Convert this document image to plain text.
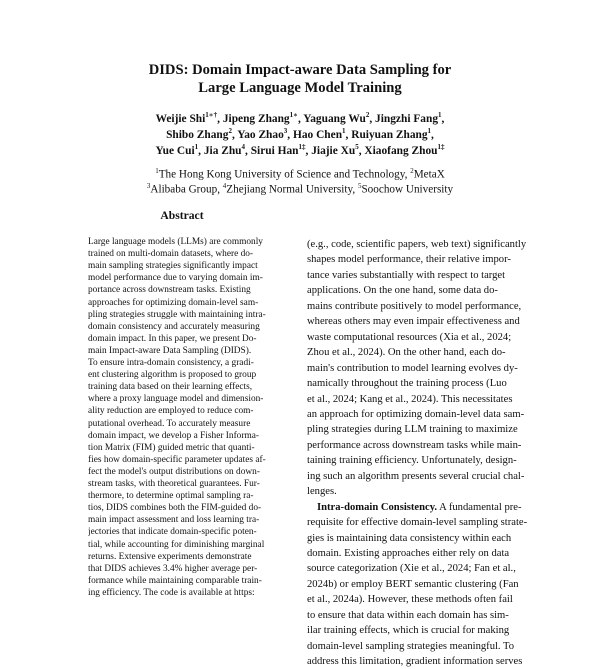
DIDS: Domain Impact-aware Data Sampling for
Large Language Model Training
Weijie Shi$^{1∗\dagger}$, Jipeng Zhang$^{1∗}$, Yaguang Wu$^2$, Jingzhi Fang$^1$,
Shibo Zhang$^2$, Yao Zhao$^3$, Hao Chen$^1$, Ruiyuan Zhang$^1$,
Yue Cui$^1$, Jia Zhu$^4$, Sirui Han$^{1\ddagger}$, Jiajie Xu$^5$, Xiaofang Zhou$^{1\ddagger}$
$^1$The Hong Kong University of Science and Technology, $^2$MetaX
$^3$Alibaba Group, $^4$Zhejiang Normal University, $^5$Soochow University
Abstract
Large language models (LLMs) are commonly
trained on multi-domain datasets, where do-
main sampling strategies significantly impact
model performance due to varying domain im-
portance across downstream tasks. Existing
approaches for optimizing domain-level sam-
pling strategies struggle with maintaining intra-
domain consistency and accurately measuring
domain impact. In this paper, we present Do-
main Impact-aware Data Sampling (DIDS).
To ensure intra-domain consistency, a gradi-
ent clustering algorithm is proposed to group
training data based on their learning effects,
where a proxy language model and dimension-
ality reduction are employed to reduce com-
putational overhead. To accurately measure
domain impact, we develop a Fisher Informa-
tion Matrix (FIM) guided metric that quanti-
fies how domain-specific parameter updates af-
fect the model's output distributions on down-
stream tasks, with theoretical guarantees. Fur-
thermore, to determine optimal sampling ra-
tios, DIDS combines both the FIM-guided do-
main impact assessment and loss learning tra-
jectories that indicate domain-specific poten-
tial, while accounting for diminishing marginal
returns. Extensive experiments demonstrate
that DIDS achieves 3.4% higher average per-
formance while maintaining comparable train-
ing efficiency. The code is available at https:
(e.g., code, scientific papers, web text) significantly
shapes model performance, their relative impor-
tance varies substantially with respect to target
applications. On the one hand, some data do-
mains contribute positively to model performance,
whereas others may even impair effectiveness and
waste computational resources (Xia et al., 2024;
Zhou et al., 2024). On the other hand, each do-
main's contribution to model learning evolves dy-
namically throughout the training process (Luo
et al., 2024; Kang et al., 2024). This necessitates
an approach for optimizing domain-level data sam-
pling strategies during LLM training to maximize
performance across downstream tasks while main-
taining training efficiency. Unfortunately, design-
ing such an algorithm presents several crucial chal-
lenges.
Intra-domain Consistency. A fundamental pre-
requisite for effective domain-level sampling strate-
gies is maintaining data consistency within each
domain. Existing approaches either rely on data
source categorization (Xie et al., 2024; Fan et al.,
2024b) or employ BERT semantic clustering (Fan
et al., 2024a). However, these methods often fail
to ensure that data within each domain has sim-
ilar training effects, which is crucial for making
domain-level sampling strategies meaningful. To
address this limitation, gradient information serves
